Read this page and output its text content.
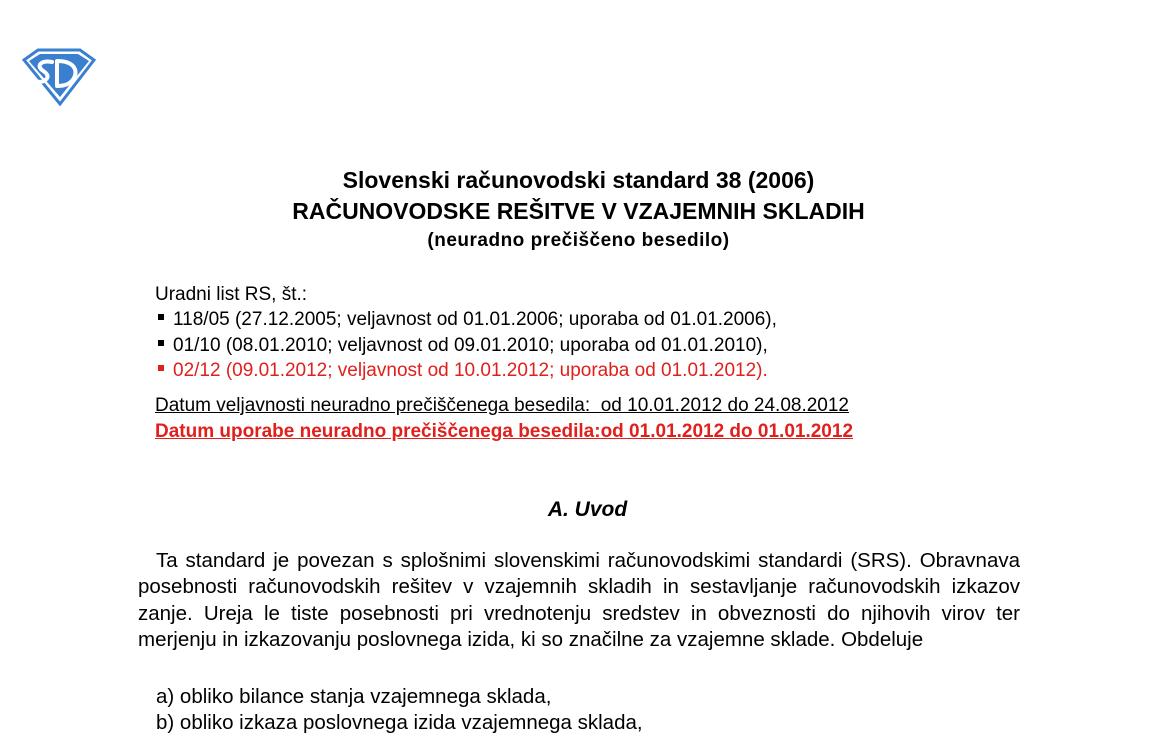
Slovenski računovodski standard 38 (2006)
RAČUNOVODSKE REŠITVE V VZAJEMNIH SKLADIH
(neuradno prečiščeno besedilo)
Uradni list RS, št.:
118/05 (27.12.2005; veljavnost od 01.01.2006; uporaba od 01.01.2006),
01/10 (08.01.2010; veljavnost od 09.01.2010; uporaba od 01.01.2010),
02/12 (09.01.2012; veljavnost od 10.01.2012; uporaba od 01.01.2012).
Datum veljavnosti neuradno prečiščenega besedila:  od 10.01.2012 do 24.08.2012
Datum uporabe neuradno prečiščenega besedila:od 01.01.2012 do 01.01.2012
A. Uvod

Ta standard je povezan s splošnimi slovenskimi računovodskimi standardi (SRS). Obravnava posebnosti računovodskih rešitev v vzajemnih skladih in sestavljanje računovodskih izkazov zanje. Ureja le tiste posebnosti pri vrednotenju sredstev in obveznosti do njihovih virov ter merjenju in izkazovanju poslovnega izida, ki so značilne za vzajemne sklade. Obdeluje

a) obliko bilance stanja vzajemnega sklada,
b) obliko izkaza poslovnega izida vzajemnega sklada,
